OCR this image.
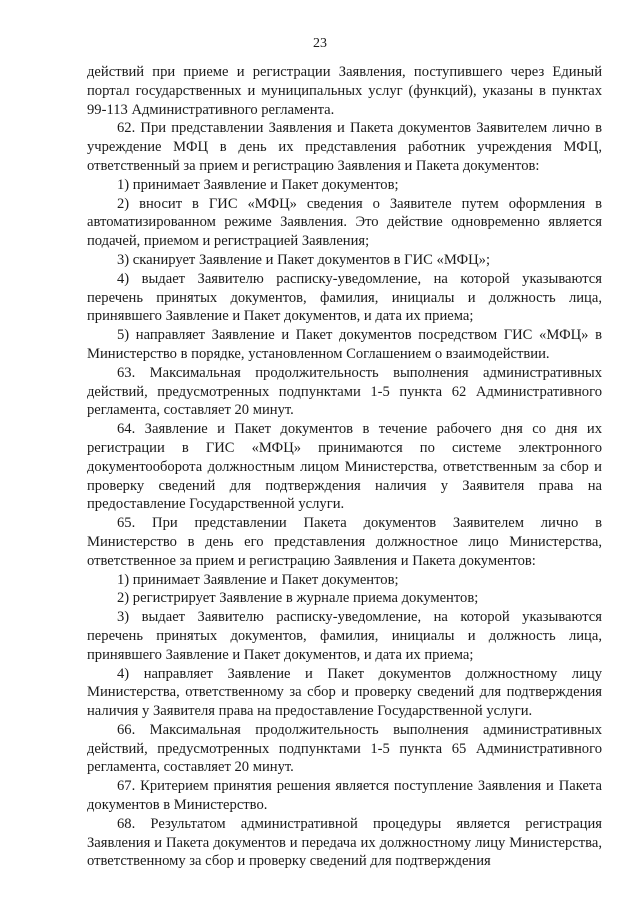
23

действий при приеме и регистрации Заявления, поступившего через Единый портал государственных и муниципальных услуг (функций), указаны в пунктах 99-113 Административного регламента.

62. При представлении Заявления и Пакета документов Заявителем лично в учреждение МФЦ в день их представления работник учреждения МФЦ, ответственный за прием и регистрацию Заявления и Пакета документов:

1) принимает Заявление и Пакет документов;

2) вносит в ГИС «МФЦ» сведения о Заявителе путем оформления в автоматизированном режиме Заявления. Это действие одновременно является подачей, приемом и регистрацией Заявления;

3) сканирует Заявление и Пакет документов в ГИС «МФЦ»;

4) выдает Заявителю расписку-уведомление, на которой указываются перечень принятых документов, фамилия, инициалы и должность лица, принявшего Заявление и Пакет документов, и дата их приема;

5) направляет Заявление и Пакет документов посредством ГИС «МФЦ» в Министерство в порядке, установленном Соглашением о взаимодействии.

63. Максимальная продолжительность выполнения административных действий, предусмотренных подпунктами 1-5 пункта 62 Административного регламента, составляет 20 минут.

64. Заявление и Пакет документов в течение рабочего дня со дня их регистрации в ГИС «МФЦ» принимаются по системе электронного документооборота должностным лицом Министерства, ответственным за сбор и проверку сведений для подтверждения наличия у Заявителя права на предоставление Государственной услуги.

65. При представлении Пакета документов Заявителем лично в Министерство в день его представления должностное лицо Министерства, ответственное за прием и регистрацию Заявления и Пакета документов:

1) принимает Заявление и Пакет документов;

2) регистрирует Заявление в журнале приема документов;

3) выдает Заявителю расписку-уведомление, на которой указываются перечень принятых документов, фамилия, инициалы и должность лица, принявшего Заявление и Пакет документов, и дата их приема;

4) направляет Заявление и Пакет документов должностному лицу Министерства, ответственному за сбор и проверку сведений для подтверждения наличия у Заявителя права на предоставление Государственной услуги.

66. Максимальная продолжительность выполнения административных действий, предусмотренных подпунктами 1-5 пункта 65 Административного регламента, составляет 20 минут.

67. Критерием принятия решения является поступление Заявления и Пакета документов в Министерство.

68. Результатом административной процедуры является регистрация Заявления и Пакета документов и передача их должностному лицу Министерства, ответственному за сбор и проверку сведений для подтверждения
